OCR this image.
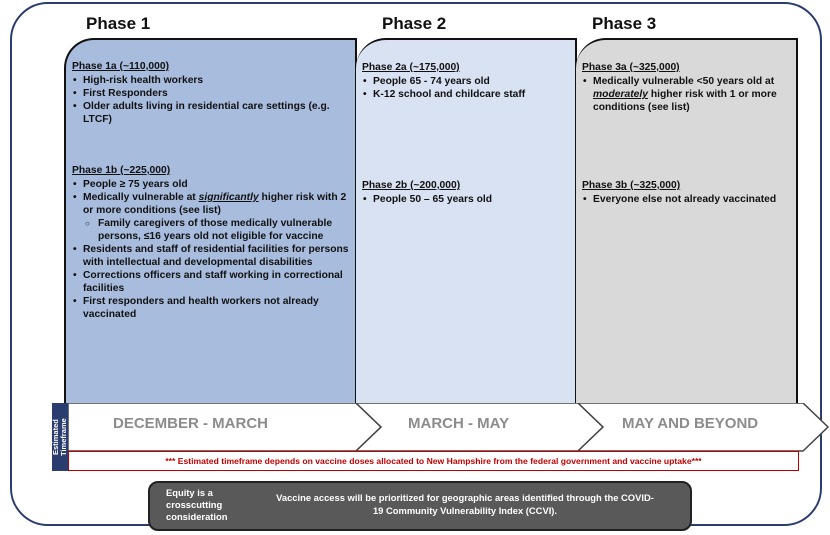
Phase 1	Phase 2	Phase 3
Phase 1a (~110,000)
• High-risk health workers
• First Responders
• Older adults living in residential care settings (e.g. LTCF)
Phase 1b (~225,000)
• People ≥ 75 years old
• Medically vulnerable at significantly higher risk with 2 or more conditions (see list)
○ Family caregivers of those medically vulnerable persons, ≤16 years old not eligible for vaccine
• Residents and staff of residential facilities for persons with intellectual and developmental disabilities
• Corrections officers and staff working in correctional facilities
• First responders and health workers not already vaccinated
Phase 2a (~175,000)
• People 65 - 74 years old
• K-12 school and childcare staff
Phase 2b (~200,000)
• People 50 – 65 years old
Phase 3a (~325,000)
• Medically vulnerable <50 years old at moderately higher risk with 1 or more conditions (see list)
Phase 3b (~325,000)
• Everyone else not already vaccinated
Estimated Timeframe	DECEMBER - MARCH	MARCH - MAY	MAY AND BEYOND
*** Estimated timeframe depends on vaccine doses allocated to New Hampshire from the federal government and vaccine uptake***
Equity is a crosscutting consideration
Vaccine access will be prioritized for geographic areas identified through the COVID-19 Community Vulnerability Index (CCVI).
